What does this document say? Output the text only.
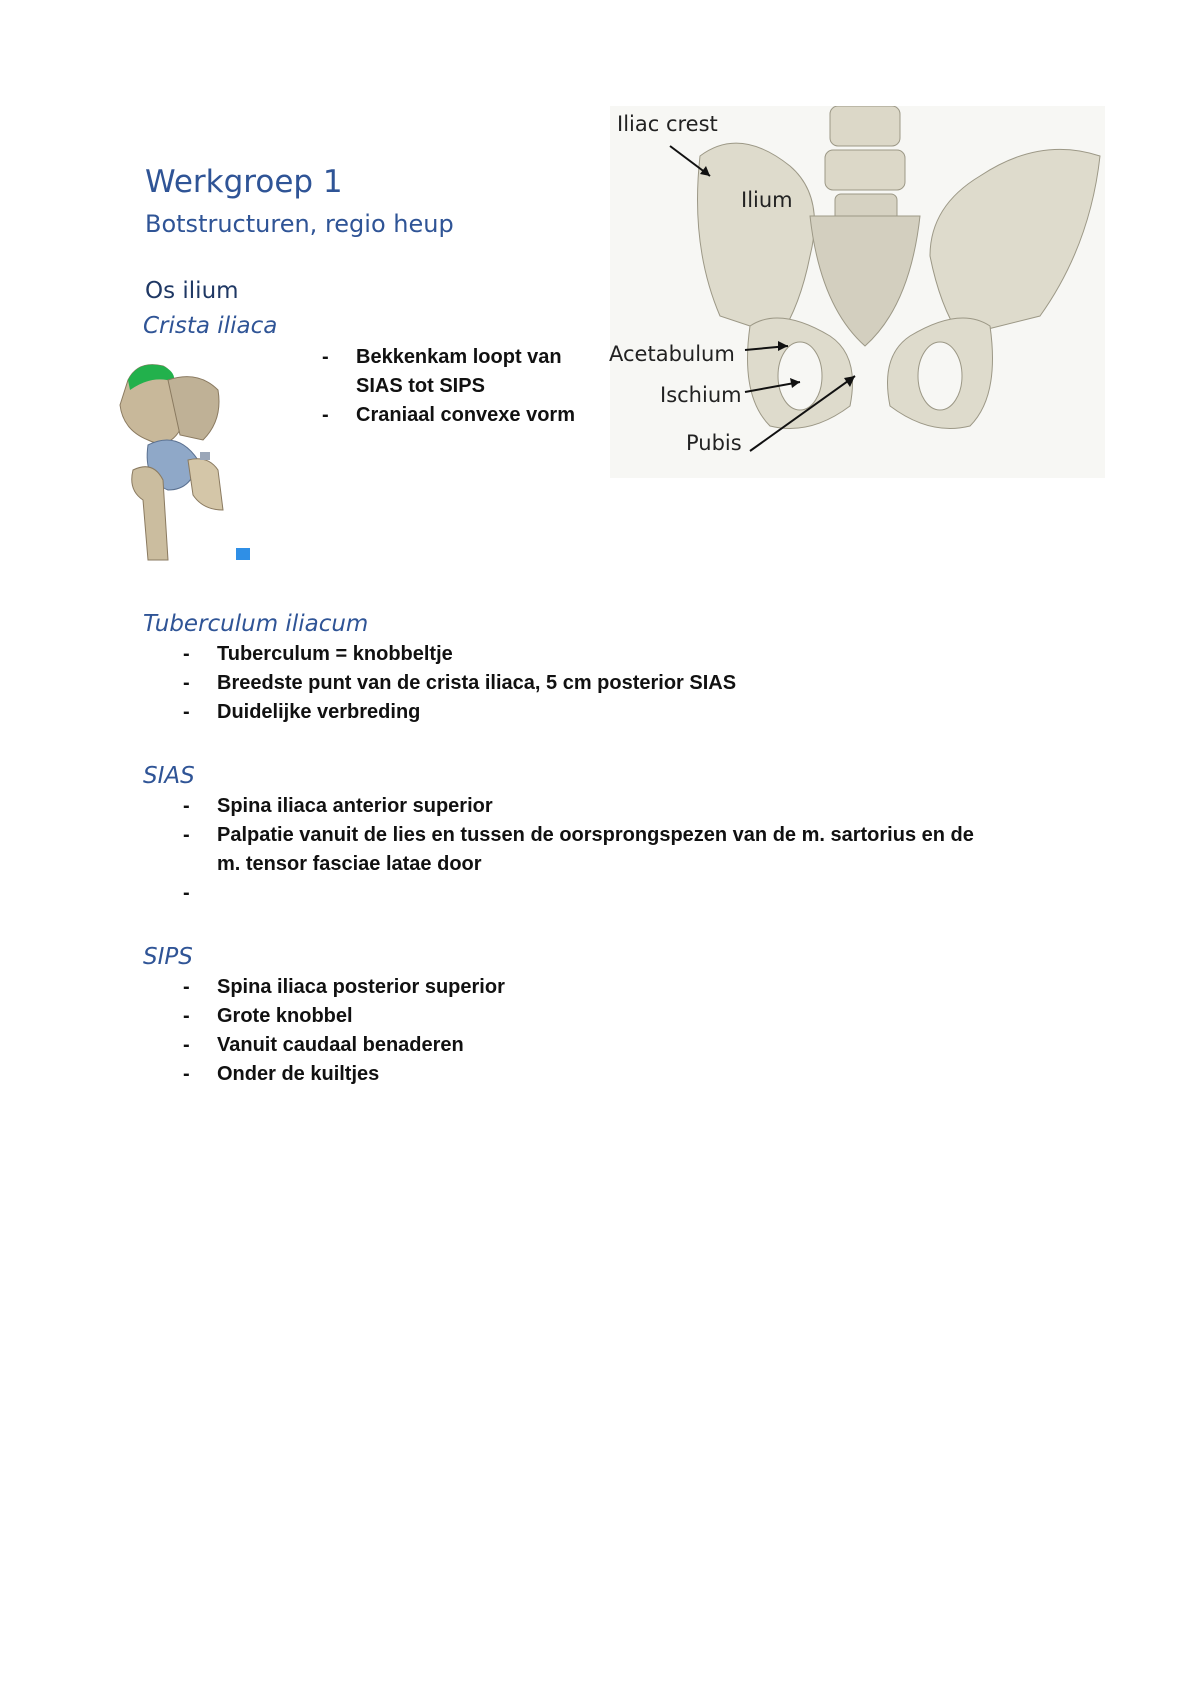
Werkgroep 1
Botstructuren, regio heup
Os ilium
Crista iliaca
- Bekkenkam loopt van SIAS tot SIPS
- Craniaal convexe vorm
Iliac crest
Ilium
Acetabulum
Ischium
Pubis
Tuberculum iliacum
- Tuberculum = knobbeltje
- Breedste punt van de crista iliaca, 5 cm posterior SIAS
- Duidelijke verbreding
SIAS
- Spina iliaca anterior superior
- Palpatie vanuit de lies en tussen de oorsprongspezen van de m. sartorius en de m. tensor fasciae latae door
-
SIPS
- Spina iliaca posterior superior
- Grote knobbel
- Vanuit caudaal benaderen
- Onder de kuiltjes
